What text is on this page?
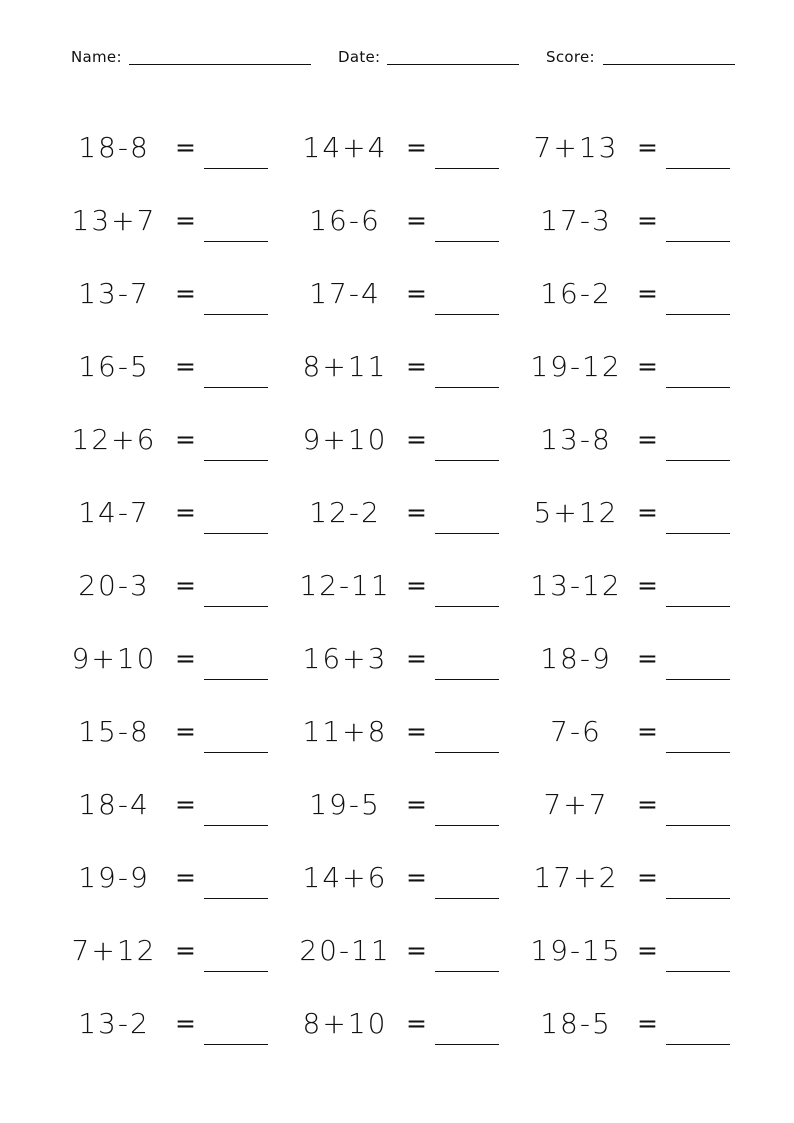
Name:	Date:	Score:
18-8	=	14+4 =	7+13 =
13+7 =	16-6	=	17-3	=
13-7	=	17-4	=	16-2	=
16-5	=	8+11 =	19-12 =
12+6 =	9+10 =	13-8	=
14-7	=	12-2	=	5+12 =
20-3	=	12-11 =	13-12 =
9+10 =	16+3 =	18-9	=
15-8	=	11+8 =	7-6	=
18-4	=	19-5	=	7+7	=
19-9	=	14+6 =	17+2 =
7+12 =	20-11 =	19-15 =
13-2	=	8+10 =	18-5	=
